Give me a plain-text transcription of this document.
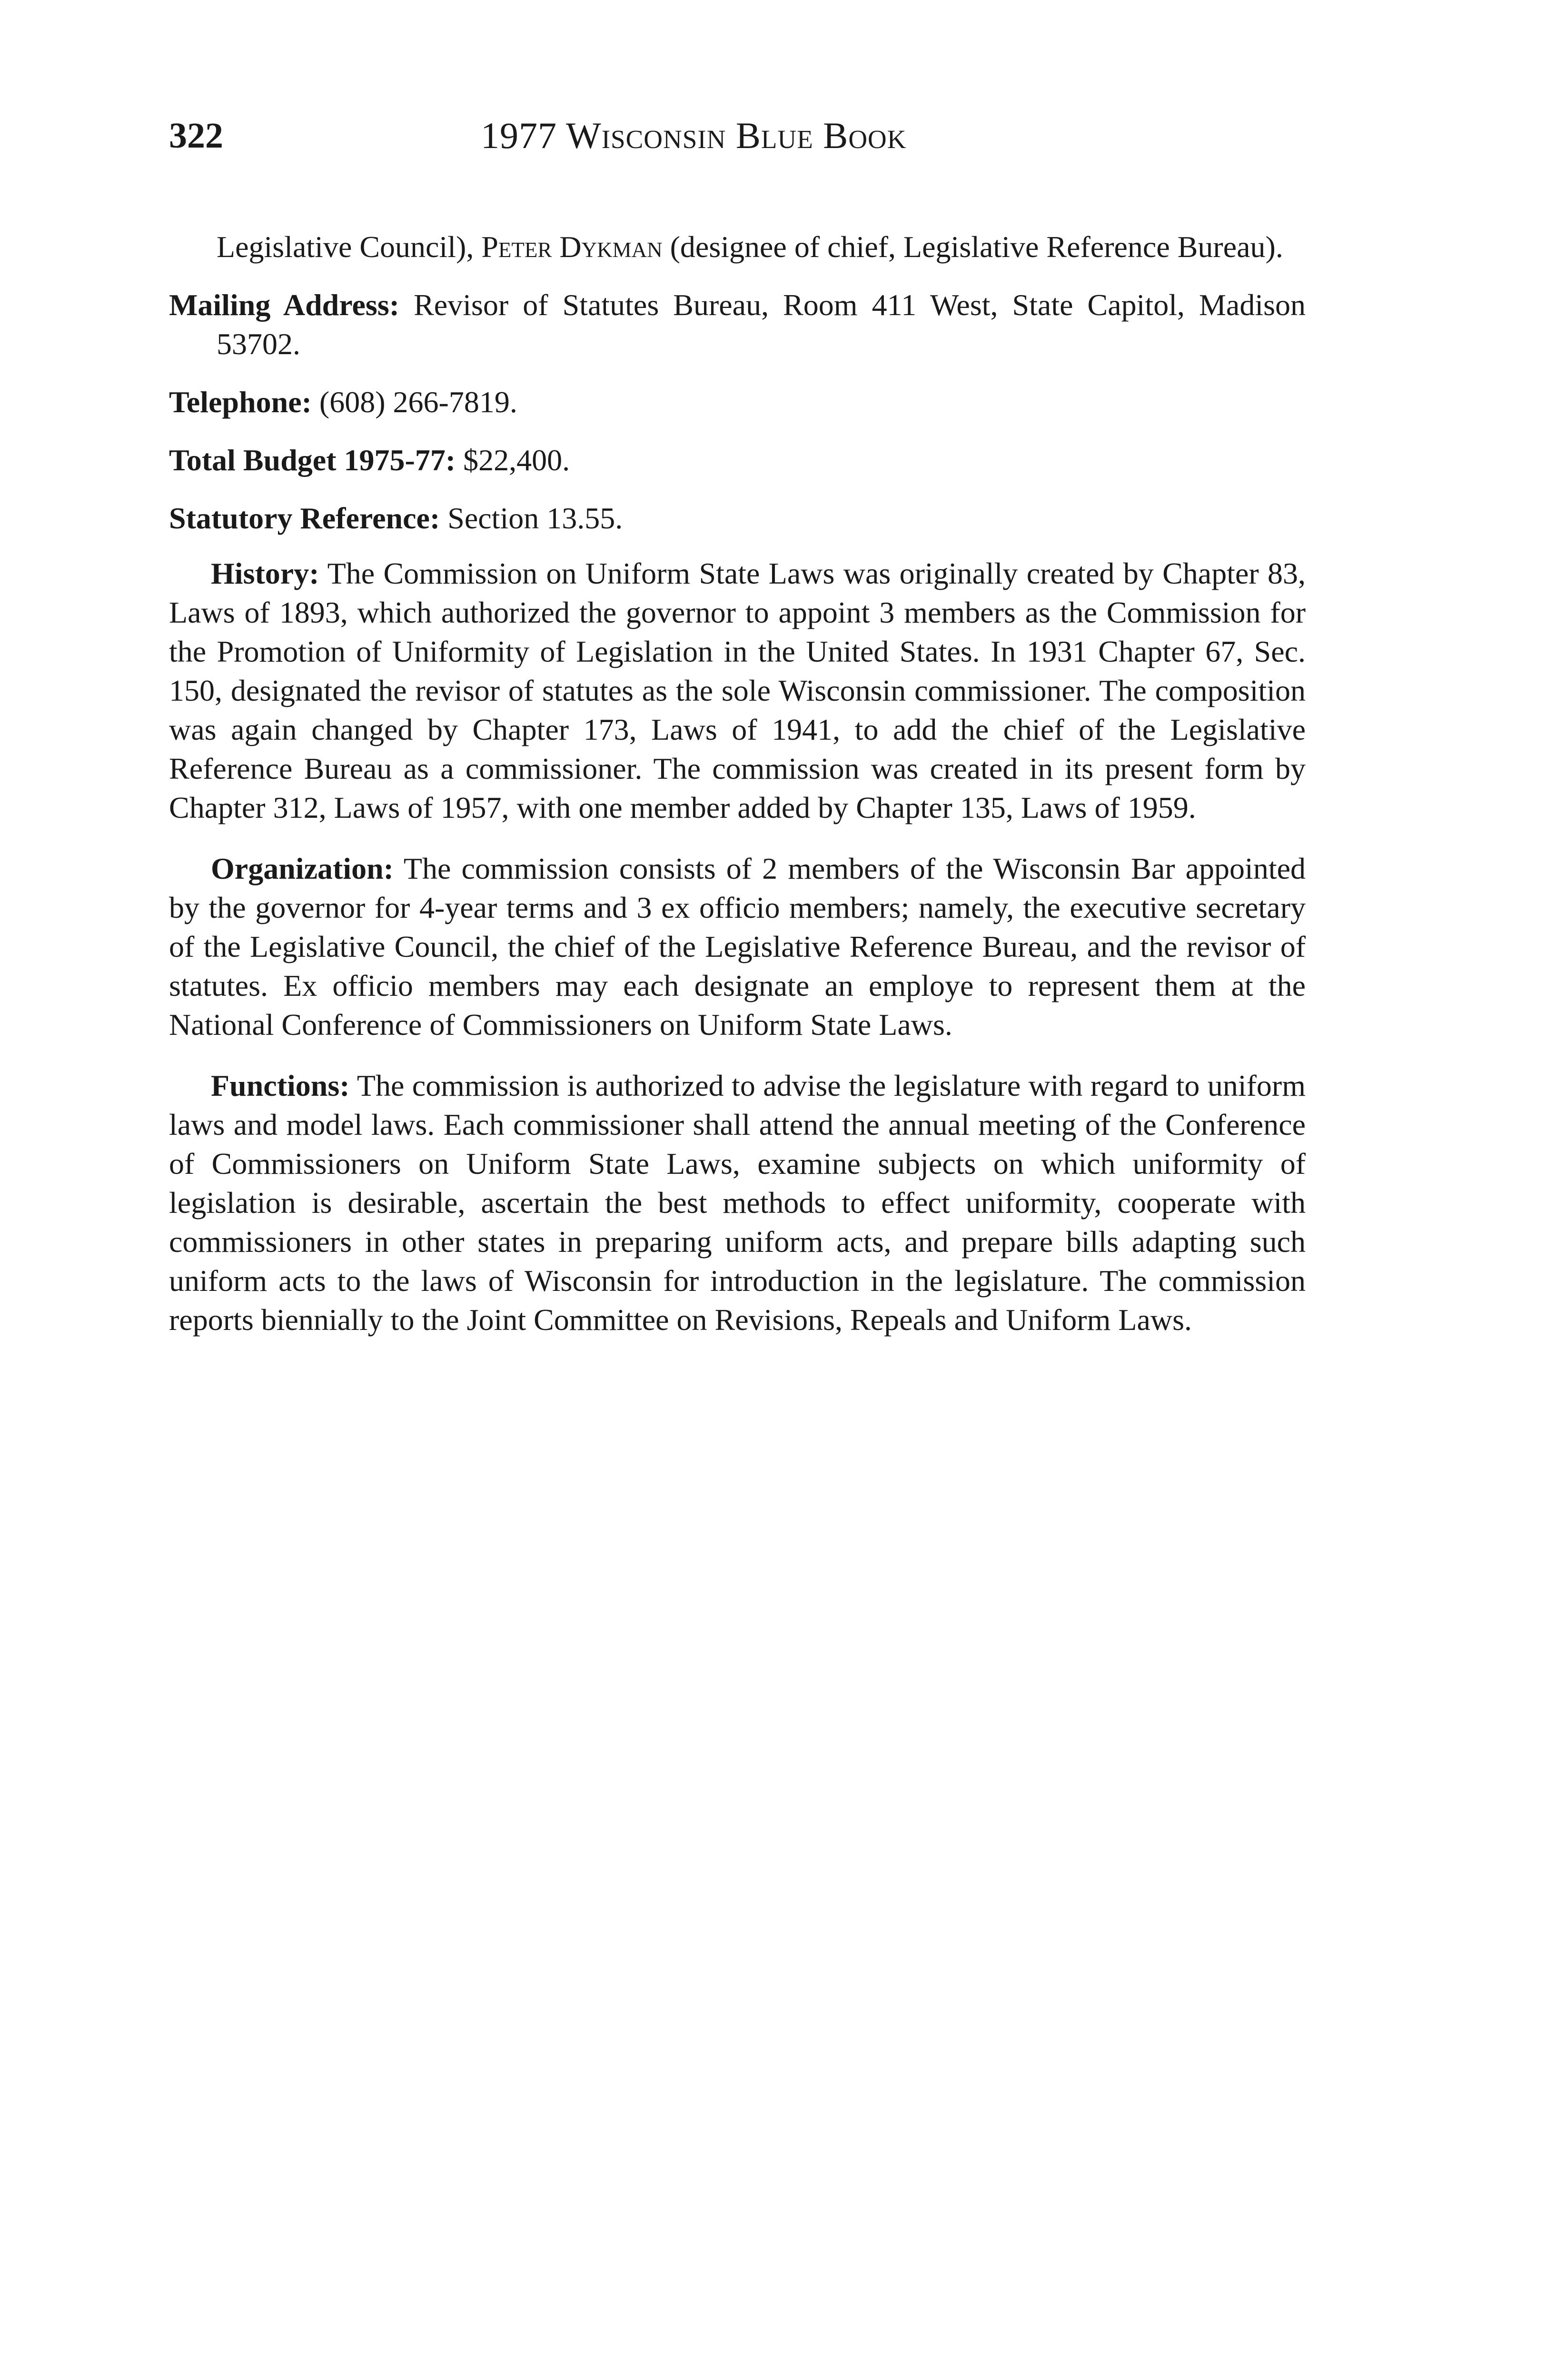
322	1977 Wisconsin Blue Book

Legislative Council), Peter Dykman (designee of chief, Legislative Reference Bureau).

Mailing Address: Revisor of Statutes Bureau, Room 411 West, State Capitol, Madison 53702.

Telephone: (608) 266-7819.

Total Budget 1975-77: $22,400.

Statutory Reference: Section 13.55.

History: The Commission on Uniform State Laws was originally created by Chapter 83, Laws of 1893, which authorized the governor to appoint 3 members as the Commission for the Promotion of Uniformity of Legislation in the United States. In 1931 Chapter 67, Sec. 150, designated the revisor of statutes as the sole Wisconsin commissioner. The composition was again changed by Chapter 173, Laws of 1941, to add the chief of the Legislative Reference Bureau as a commissioner. The commission was created in its present form by Chapter 312, Laws of 1957, with one member added by Chapter 135, Laws of 1959.

Organization: The commission consists of 2 members of the Wisconsin Bar appointed by the governor for 4-year terms and 3 ex officio members; namely, the executive secretary of the Legislative Council, the chief of the Legislative Reference Bureau, and the revisor of statutes. Ex officio members may each designate an employe to represent them at the National Conference of Commissioners on Uniform State Laws.

Functions: The commission is authorized to advise the legislature with regard to uniform laws and model laws. Each commissioner shall attend the annual meeting of the Conference of Commissioners on Uniform State Laws, examine subjects on which uniformity of legislation is desirable, ascertain the best methods to effect uniformity, cooperate with commissioners in other states in preparing uniform acts, and prepare bills adapting such uniform acts to the laws of Wisconsin for introduction in the legislature. The commission reports biennially to the Joint Committee on Revisions, Repeals and Uniform Laws.
